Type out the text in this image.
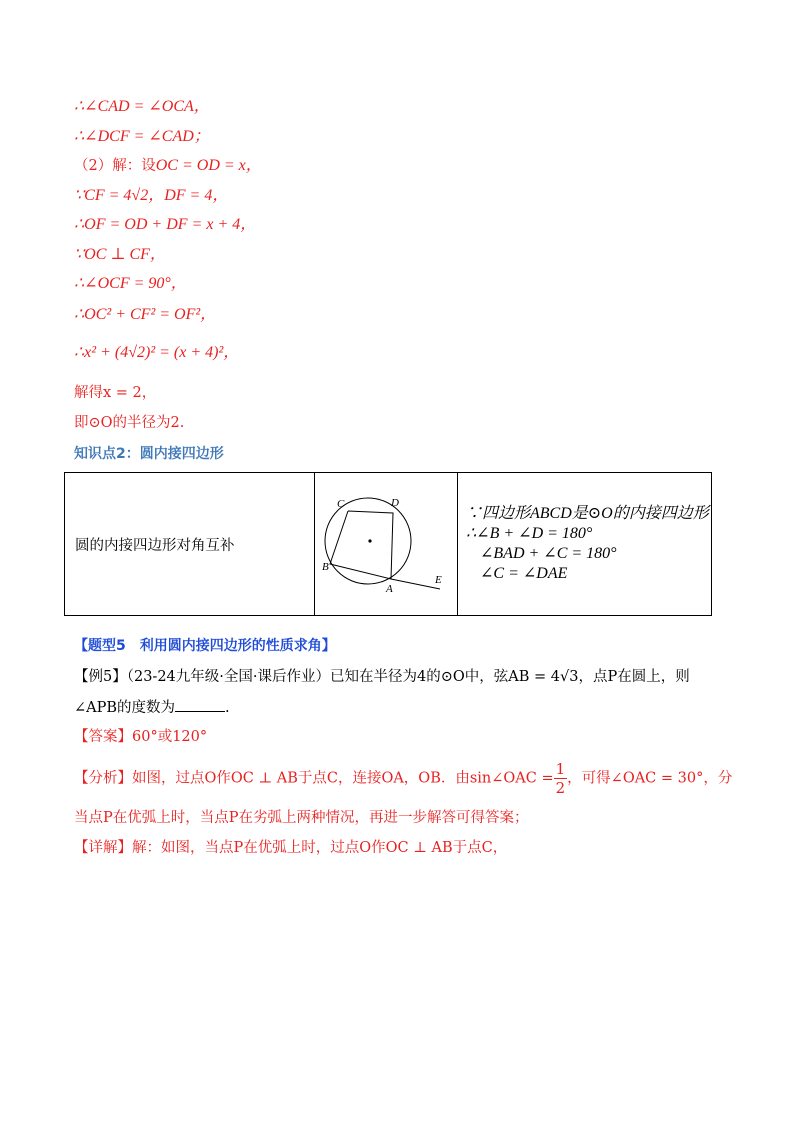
∴∠CAD = ∠OCA，
∴∠DCF = ∠CAD；
（2）解：设OC = OD = x，
∵CF = 4√2，DF = 4，
∴OF = OD + DF = x + 4，
∵OC ⊥ CF，
∴∠OCF = 90°，
∴OC² + CF² = OF²，
∴x² + (4√2)² = (x + 4)²，
解得x = 2，
即⊙O的半径为2.
知识点2：圆内接四边形
圆的内接四边形对角互补	
C	D
B
A
E

∵四边形ABCD是⊙O的内接四边形
∴∠B + ∠D = 180°
∠BAD + ∠C = 180°
∠C = ∠DAE
【题型5　利用圆内接四边形的性质求角】
【例5】（23-24九年级·全国·课后作业）已知在半径为4的⊙O中，弦AB = 4√3，点P在圆上，则
∠APB的度数为	.
【答案】60°或120°
【分析】如图，过点O作OC ⊥ AB于点C，连接OA，OB．由sin∠OAC = $\frac{1}{2}$ ，可得∠OAC = 30°，分
当点P在优弧上时，当点P在劣弧上两种情况，再进一步解答可得答案；
【详解】解：如图，当点P在优弧上时，过点O作OC ⊥ AB于点C，
